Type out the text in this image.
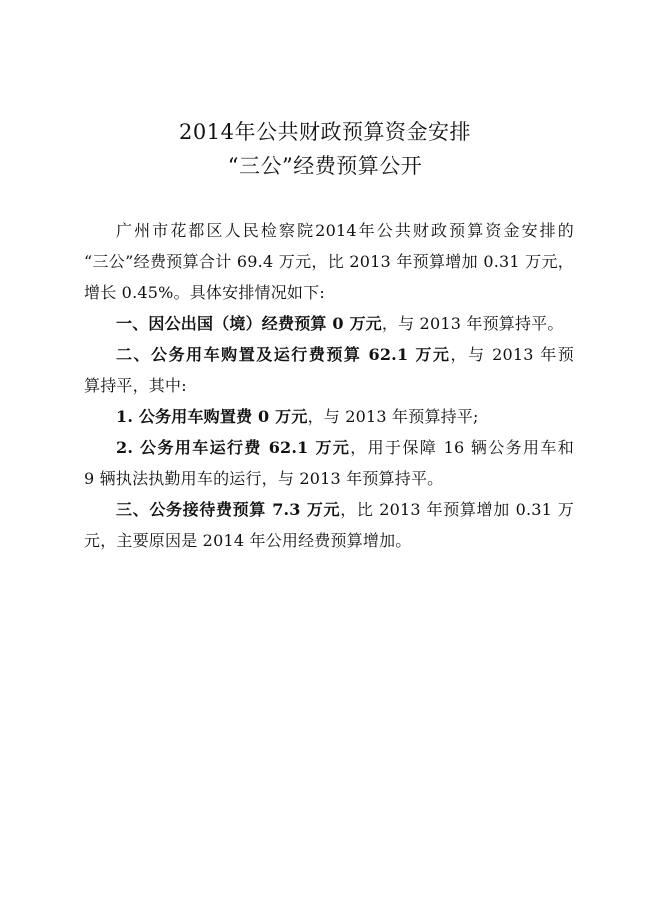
2014年公共财政预算资金安排
“三公”经费预算公开
广州市花都区人民检察院2014年公共财政预算资金安排的
“三公”经费预算合计 69.4 万元，比 2013 年预算增加 0.31 万元，
增长 0.45%。具体安排情况如下:
一、因公出国（境）经费预算 0 万元，与 2013 年预算持平。
二、公务用车购置及运行费预算 62.1 万元，与 2013 年预
算持平，其中:
1. 公务用车购置费 0 万元，与 2013 年预算持平;
2. 公务用车运行费 62.1 万元，用于保障 16 辆公务用车和
9 辆执法执勤用车的运行，与 2013 年预算持平。
三、公务接待费预算 7.3 万元，比 2013 年预算增加 0.31 万
元，主要原因是 2014 年公用经费预算增加。
